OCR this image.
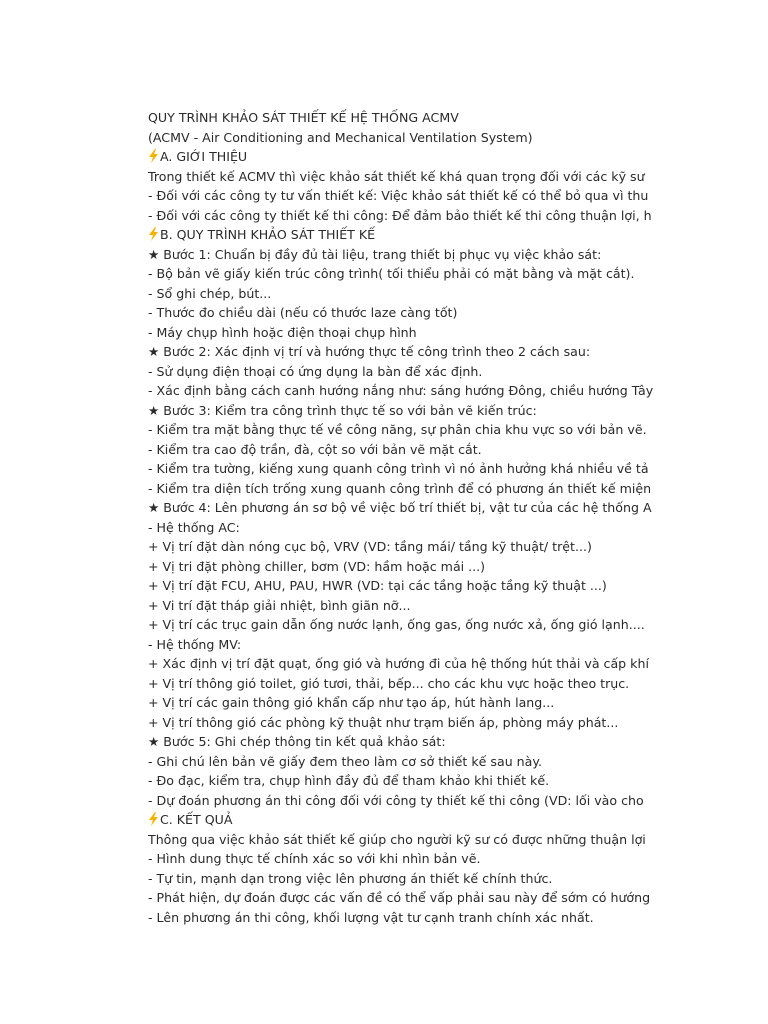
QUY TRÌNH KHẢO SÁT THIẾT KẾ HỆ THỐNG ACMV
(ACMV - Air Conditioning and Mechanical Ventilation System)
A. GIỚI THIỆU
Trong thiết kế ACMV thì việc khảo sát thiết kế khá quan trọng đối với các kỹ sư
- Đối với các công ty tư vấn thiết kế: Việc khảo sát thiết kế có thể bỏ qua vì thu
- Đối với các công ty thiết kế thi công: Để đảm bảo thiết kế thi công thuận lợi, h
B. QUY TRÌNH KHẢO SÁT THIẾT KẾ
★ Bước 1: Chuẩn bị đầy đủ tài liệu, trang thiết bị phục vụ việc khảo sát:
- Bộ bản vẽ giấy kiến trúc công trình( tối thiểu phải có mặt bằng và mặt cắt).
- Sổ ghi chép, bút...
- Thước đo chiều dài (nếu có thước laze càng tốt)
- Máy chụp hình hoặc điện thoại chụp hình
★ Bước 2: Xác định vị trí và hướng thực tế công trình theo 2 cách sau:
- Sử dụng điện thoại có ứng dụng la bàn để xác định.
- Xác định bằng cách canh hướng nắng như: sáng hướng Đông, chiều hướng Tây
★ Bước 3: Kiểm tra công trình thực tế so với bản vẽ kiến trúc:
- Kiểm tra mặt bằng thực tế về công năng, sự phân chia khu vực so với bản vẽ.
- Kiểm tra cao độ trần, đà, cột so với bản vẽ mặt cắt.
- Kiểm tra tường, kiếng xung quanh công trình vì nó ảnh hưởng khá nhiều về tả
- Kiểm tra diện tích trống xung quanh công trình để có phương án thiết kế miện
★ Bước 4: Lên phương án sơ bộ về việc bố trí thiết bị, vật tư của các hệ thống A
- Hệ thống AC:
+ Vị trí đặt dàn nóng cục bộ, VRV (VD: tầng mái/ tầng kỹ thuật/ trệt...)
+ Vị tri đặt phòng chiller, bơm (VD: hầm hoặc mái ...)
+ Vị trí đặt FCU, AHU, PAU, HWR (VD: tại các tầng hoặc tầng kỹ thuật ...)
+ Vi trí đặt tháp giải nhiệt, bình giãn nỡ...
+ Vị trí các trục gain dẫn ống nước lạnh, ống gas, ống nước xả, ống gió lạnh....
- Hệ thống MV:
+ Xác định vị trí đặt quạt, ống gió và hướng đi của hệ thống hút thải và cấp khí
+ Vị trí thông gió toilet, gió tươi, thải, bếp... cho các khu vực hoặc theo trục.
+ Vị trí các gain thông gió khẩn cấp như tạo áp, hút hành lang...
+ Vị trí thông gió các phòng kỹ thuật như trạm biến áp, phòng máy phát...
★ Bước 5: Ghi chép thông tin kết quả khảo sát:
- Ghi chú lên bản vẽ giấy đem theo làm cơ sở thiết kế sau này.
- Đo đạc, kiểm tra, chụp hình đầy đủ để tham khảo khi thiết kế.
- Dự đoán phương án thi công đối với công ty thiết kế thi công (VD: lối vào cho
C. KẾT QUẢ
Thông qua việc khảo sát thiết kế giúp cho người kỹ sư có được những thuận lợi
- Hình dung thực tế chính xác so với khi nhìn bản vẽ.
- Tự tin, mạnh dạn trong việc lên phương án thiết kế chính thức.
- Phát hiện, dự đoán được các vấn đề có thể vấp phải sau này để sớm có hướng
- Lên phương án thi công, khối lượng vật tư cạnh tranh chính xác nhất.
